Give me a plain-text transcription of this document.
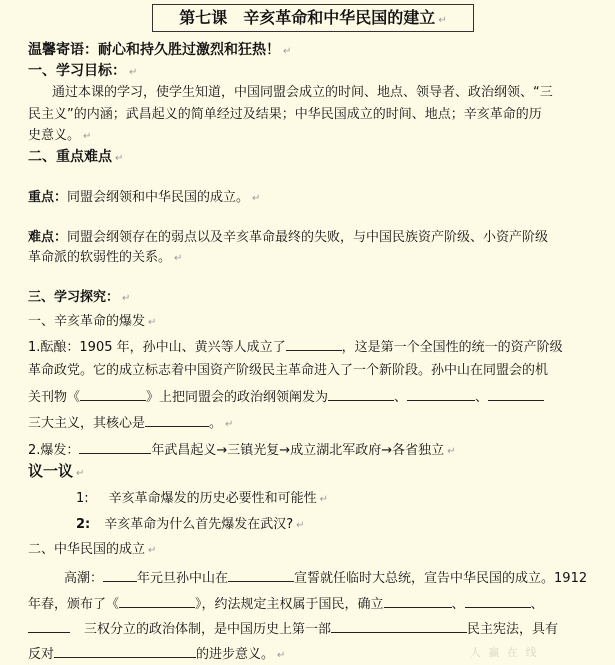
第七课　辛亥革命和中华民国的建立 ↵
温馨寄语：耐心和持久胜过激烈和狂热！ ↵
一、学习目标： ↵
通过本课的学习，使学生知道，中国同盟会成立的时间、地点、领导者、政治纲领、“三
民主义”的内涵；武昌起义的简单经过及结果；中华民国成立的时间、地点；辛亥革命的历
史意义。 ↵
二、重点难点 ↵
重点：同盟会纲领和中华民国的成立。 ↵
难点：同盟会纲领存在的弱点以及辛亥革命最终的失败，与中国民族资产阶级、小资产阶级
革命派的软弱性的关系。 ↵
三、学习探究： ↵
一、辛亥革命的爆发 ↵
1.酝酿：1905 年，孙中山、黄兴等人成立了	，这是第一个全国性的统一的资产阶级
革命政党。它的成立标志着中国资产阶级民主革命进入了一个新阶段。孙中山在同盟会的机
关刊物《	》上把同盟会的政治纲领阐发为	、	、
三大主义，其核心是	。 ↵
2.爆发：	年武昌起义→三镇光复→成立湖北军政府→各省独立 ↵
议一议 ↵
1: 辛亥革命爆发的历史必要性和可能性 ↵
2: 辛亥革命为什么首先爆发在武汉? ↵
二、中华民国的成立 ↵
高潮：	年元旦孙中山在	宣誓就任临时大总统，宣告中华民国的成立。1912
年春，颁布了《	》，约法规定主权属于国民，确立	、	、
三权分立的政治体制，是中国历史上第一部	民主宪法，具有
反对	的进步意义。 ↵	人 赢 在 线
